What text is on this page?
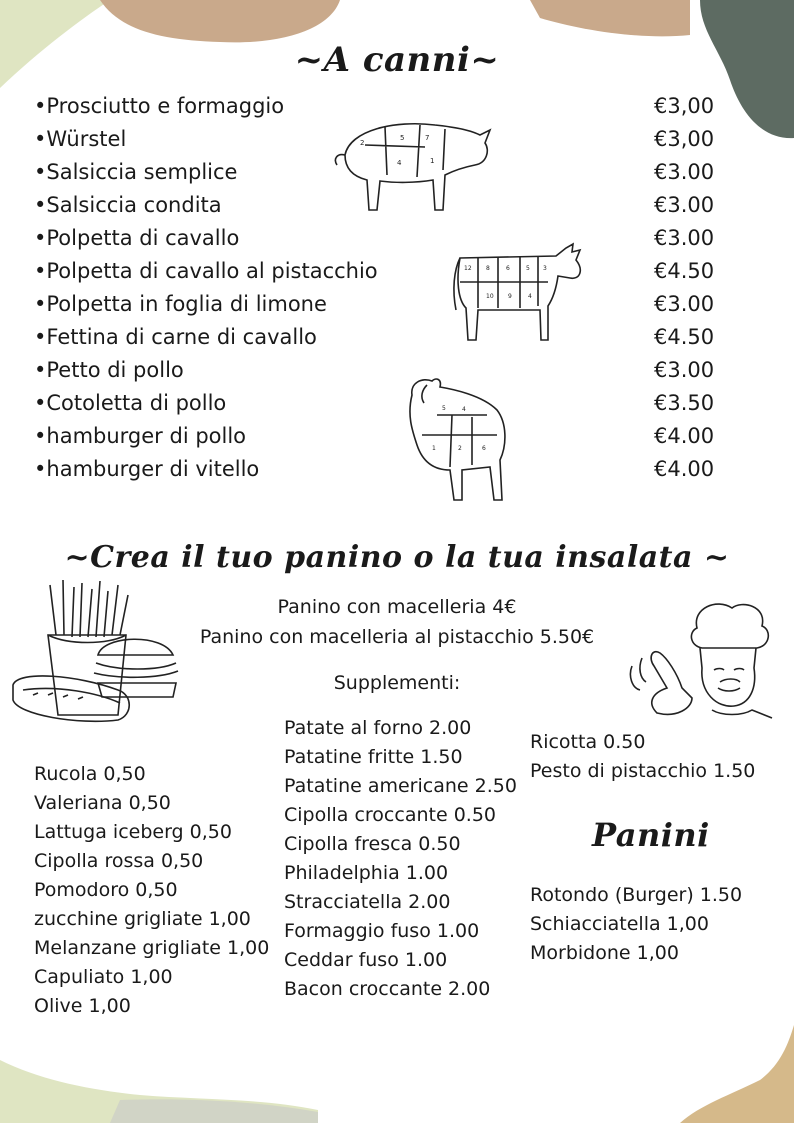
~A canni~
•Prosciutto e formaggio	€3,00
•Würstel	€3,00
•Salsiccia semplice	€3.00
•Salsiccia condita	€3.00
•Polpetta di cavallo	€3.00
•Polpetta di cavallo al pistacchio	€4.50
•Polpetta in foglia di limone	€3.00
•Fettina di carne di cavallo	€4.50
•Petto di pollo	€3.00
•Cotoletta di pollo	€3.50
•hamburger di pollo	€4.00
•hamburger di vitello	€4.00
2
5	7
4	1
12 8	6	5 3
10 9	4
5	4
1	2	6
~Crea il tuo panino o la tua insalata ~
Panino con macelleria 4€
Panino con macelleria al pistacchio 5.50€
Supplementi:
Rucola 0,50
Valeriana 0,50
Lattuga iceberg 0,50
Cipolla rossa 0,50
Pomodoro 0,50
zucchine grigliate 1,00
Melanzane grigliate 1,00
Capuliato 1,00
Olive 1,00
Patate al forno 2.00
Patatine fritte 1.50
Patatine americane 2.50
Cipolla croccante 0.50
Cipolla fresca 0.50
Philadelphia 1.00
Stracciatella 2.00
Formaggio fuso 1.00
Ceddar fuso 1.00
Bacon croccante 2.00
Ricotta 0.50
Pesto di pistacchio 1.50
Panini
Rotondo (Burger) 1.50
Schiacciatella 1,00
Morbidone 1,00
